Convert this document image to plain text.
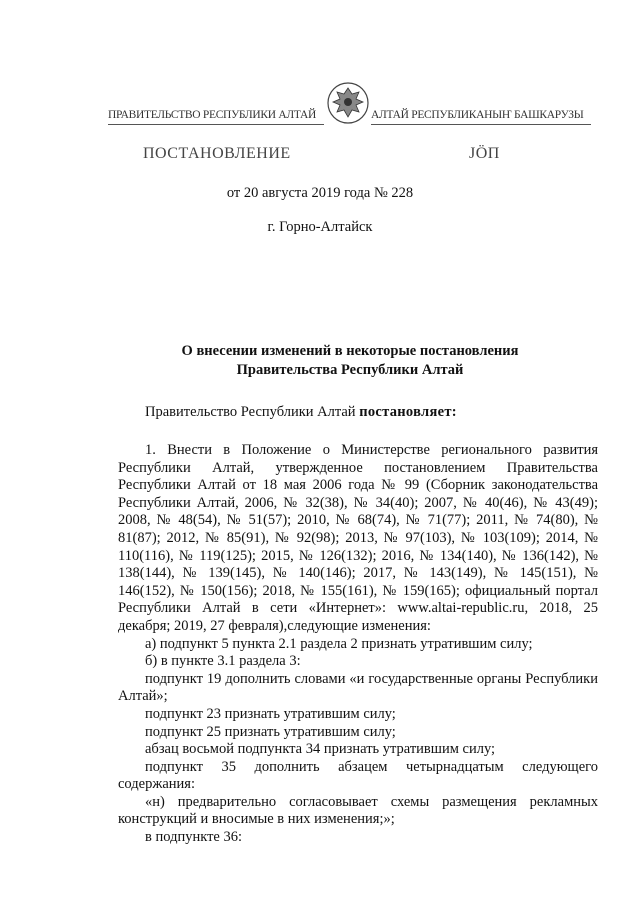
ПРАВИТЕЛЬСТВО РЕСПУБЛИКИ АЛТАЙ	АЛТАЙ РЕСПУБЛИКАНЫҤ БАШКАРУЗЫ
ПОСТАНОВЛЕНИЕ	ЈӦП
от 20 августа 2019 года № 228
г. Горно-Алтайск
О внесении изменений в некоторые постановления
Правительства Республики Алтай
Правительство Республики Алтай постановляет:

1. Внести в Положение о Министерстве регионального развития Республики Алтай, утвержденное постановлением Правительства Республики Алтай от 18 мая 2006 года № 99 (Сборник законодательства Республики Алтай, 2006, № 32(38), № 34(40); 2007, № 40(46), № 43(49); 2008, № 48(54), № 51(57); 2010, № 68(74), № 71(77); 2011, № 74(80), № 81(87); 2012, № 85(91), № 92(98); 2013, № 97(103), № 103(109); 2014, № 110(116), № 119(125); 2015, № 126(132); 2016, № 134(140), № 136(142), № 138(144), № 139(145), № 140(146); 2017, № 143(149), № 145(151), № 146(152), № 150(156); 2018, № 155(161), № 159(165); официальный портал Республики Алтай в сети «Интернет»: www.altai-republic.ru, 2018, 25 декабря; 2019, 27 февраля),следующие изменения:

а) подпункт 5 пункта 2.1 раздела 2 признать утратившим силу;

б) в пункте 3.1 раздела 3:

подпункт 19 дополнить словами «и государственные органы Республики Алтай»;

подпункт 23 признать утратившим силу;

подпункт 25 признать утратившим силу;

абзац восьмой подпункта 34 признать утратившим силу;

подпункт 35 дополнить абзацем четырнадцатым следующего содержания:

«н) предварительно согласовывает схемы размещения рекламных конструкций и вносимые в них изменения;»;

в подпункте 36:
